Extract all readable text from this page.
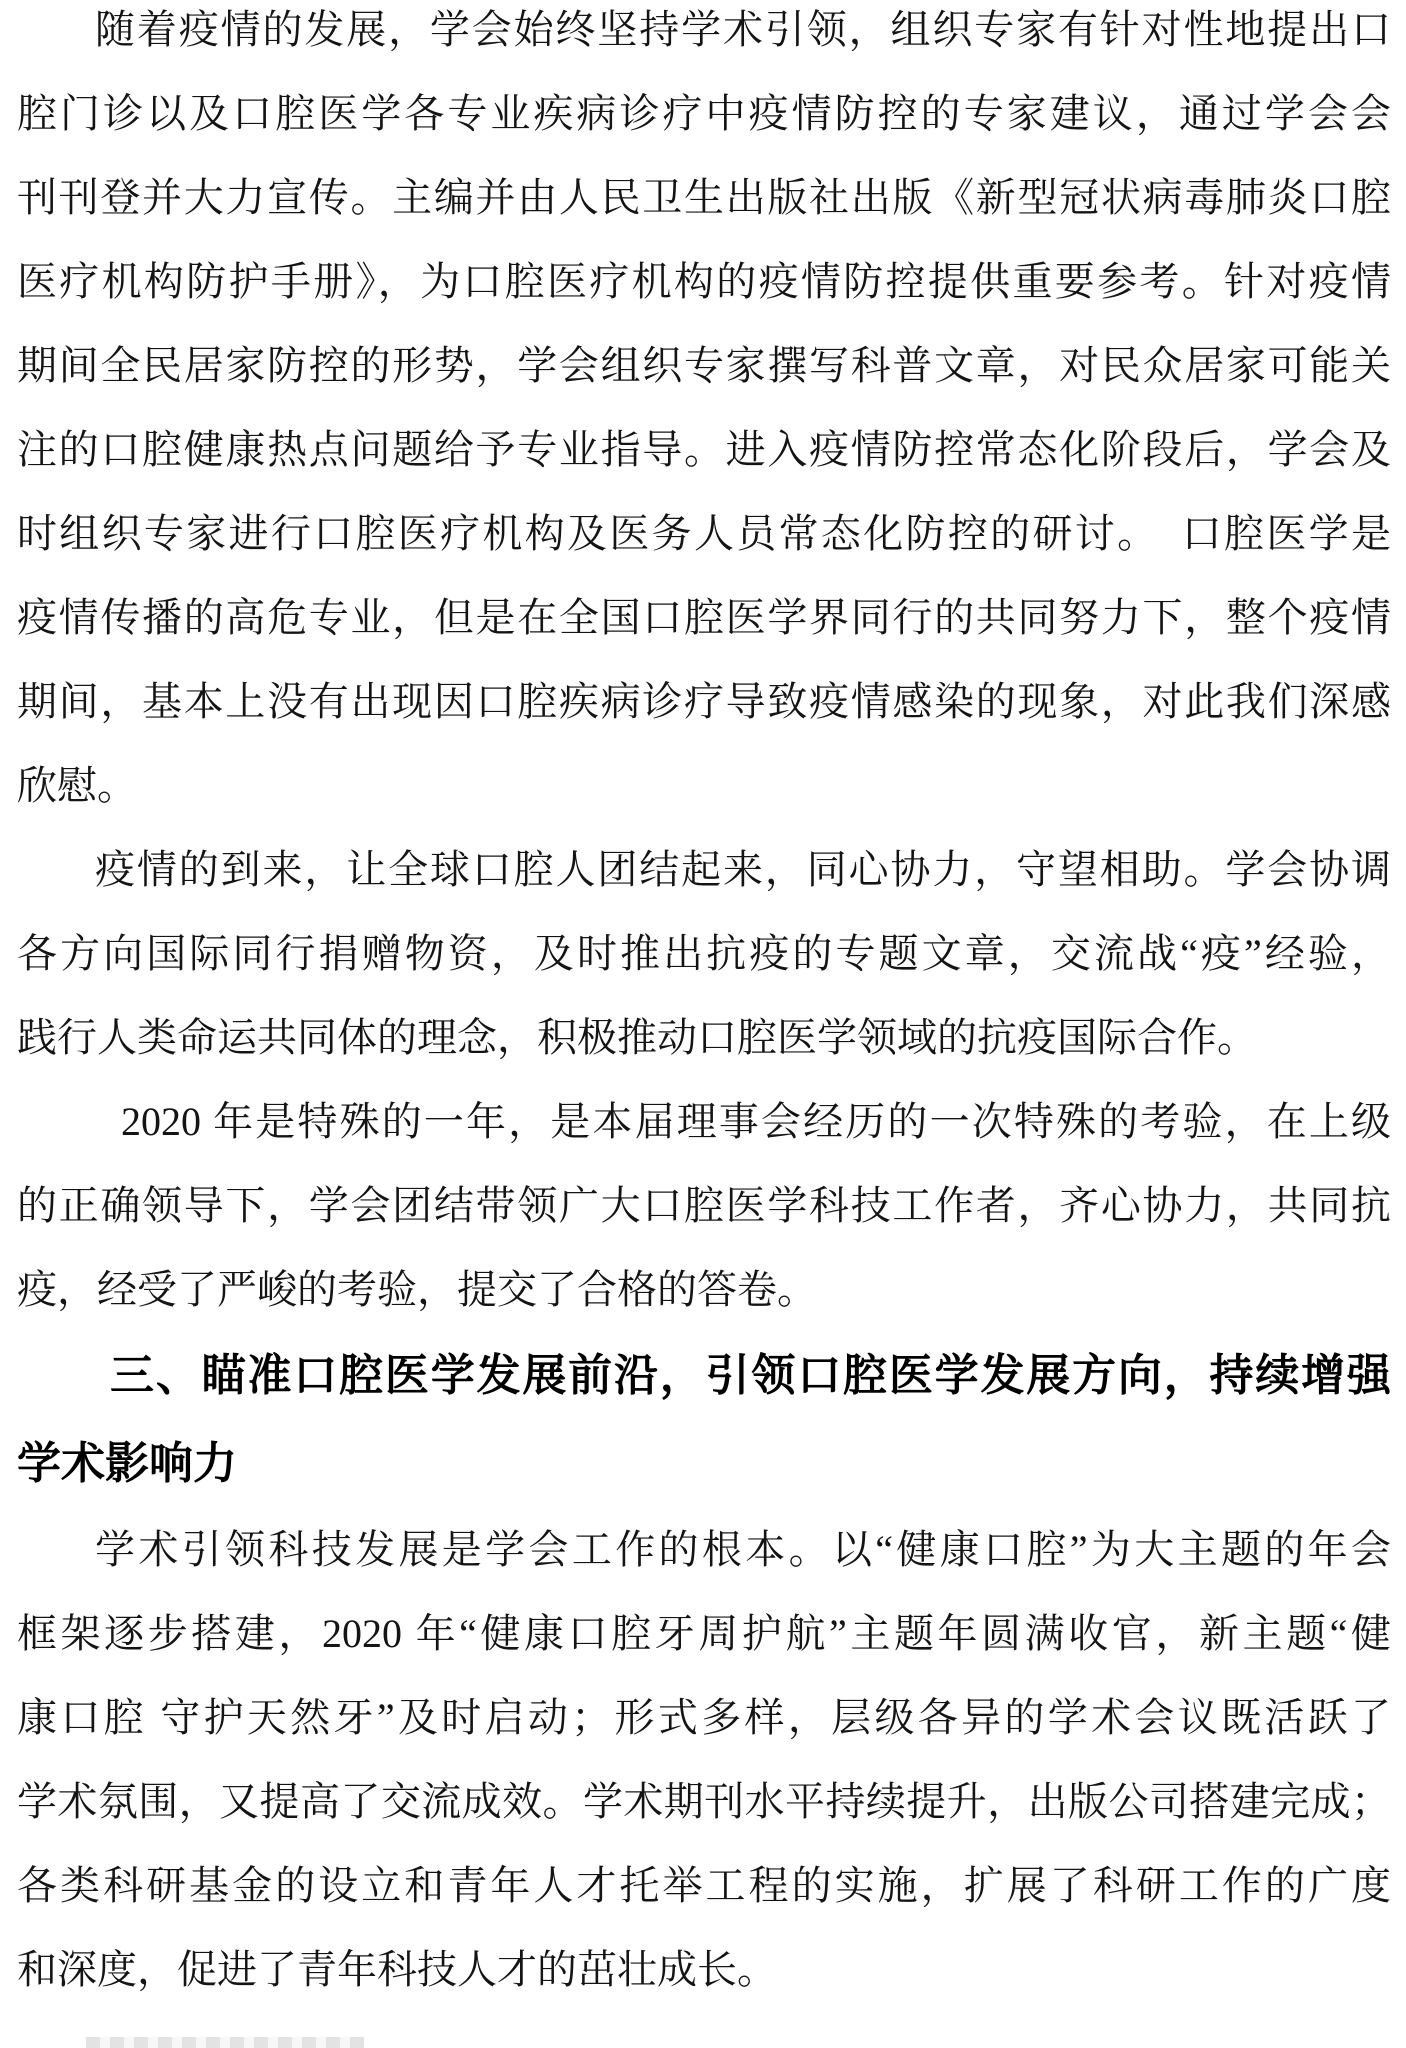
随着疫情的发展，学会始终坚持学术引领，组织专家有针对性地提出口
腔门诊以及口腔医学各专业疾病诊疗中疫情防控的专家建议，通过学会会
刊刊登并大力宣传。主编并由人民卫生出版社出版《新型冠状病毒肺炎口腔
医疗机构防护手册》，为口腔医疗机构的疫情防控提供重要参考。针对疫情
期间全民居家防控的形势，学会组织专家撰写科普文章，对民众居家可能关
注的口腔健康热点问题给予专业指导。进入疫情防控常态化阶段后，学会及
时组织专家进行口腔医疗机构及医务人员常态化防控的研讨。　口腔医学是
疫情传播的高危专业，但是在全国口腔医学界同行的共同努力下，整个疫情
期间，基本上没有出现因口腔疾病诊疗导致疫情感染的现象，对此我们深感
欣慰。
疫情的到来，让全球口腔人团结起来，同心协力，守望相助。学会协调
各方向国际同行捐赠物资，及时推出抗疫的专题文章，交流战“疫”经验，
践行人类命运共同体的理念，积极推动口腔医学领域的抗疫国际合作。
2020 年是特殊的一年，是本届理事会经历的一次特殊的考验，在上级
的正确领导下，学会团结带领广大口腔医学科技工作者，齐心协力，共同抗
疫，经受了严峻的考验，提交了合格的答卷。
三、瞄准口腔医学发展前沿，引领口腔医学发展方向，持续增强
学术影响力
学术引领科技发展是学会工作的根本。以“健康口腔”为大主题的年会
框架逐步搭建，2020 年“健康口腔牙周护航”主题年圆满收官，新主题“健
康口腔 守护天然牙”及时启动；形式多样，层级各异的学术会议既活跃了
学术氛围，又提高了交流成效。学术期刊水平持续提升，出版公司搭建完成；
各类科研基金的设立和青年人才托举工程的实施，扩展了科研工作的广度
和深度，促进了青年科技人才的茁壮成长。
